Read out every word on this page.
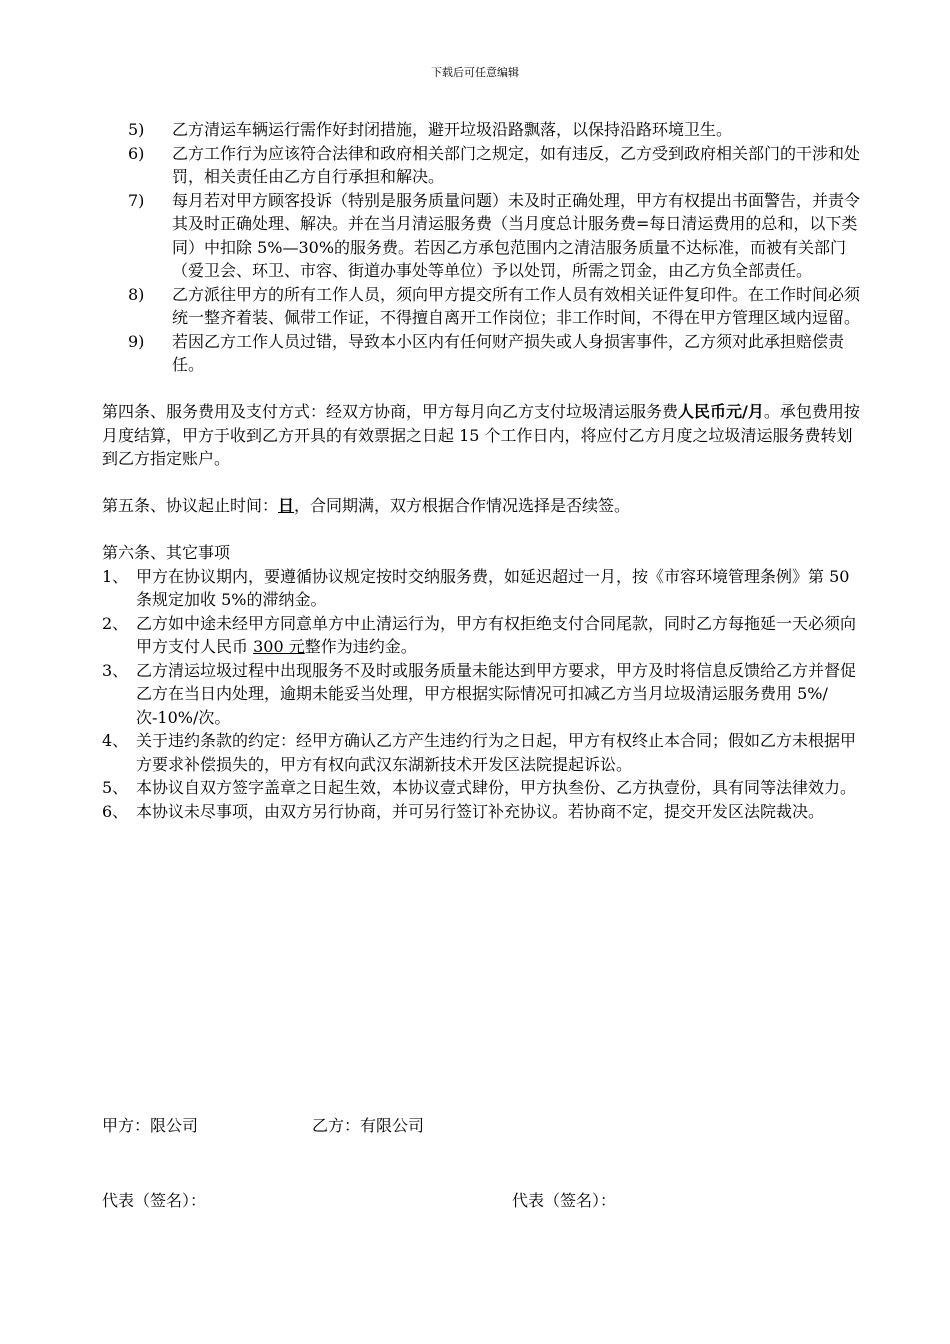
下载后可任意编辑
5)	乙方清运车辆运行需作好封闭措施，避开垃圾沿路飘落，以保持沿路环境卫生。
6)	乙方工作行为应该符合法律和政府相关部门之规定，如有违反，乙方受到政府相关部门的干涉和处罚，相关责任由乙方自行承担和解决。
7)	每月若对甲方顾客投诉（特别是服务质量问题）未及时正确处理，甲方有权提出书面警告，并责令其及时正确处理、解决。并在当月清运服务费（当月度总计服务费=每日清运费用的总和，以下类同）中扣除 5%—30%的服务费。若因乙方承包范围内之清洁服务质量不达标准，而被有关部门（爱卫会、环卫、市容、街道办事处等单位）予以处罚，所需之罚金，由乙方负全部责任。
8)	乙方派往甲方的所有工作人员，须向甲方提交所有工作人员有效相关证件复印件。在工作时间必须统一整齐着装、佩带工作证，不得擅自离开工作岗位；非工作时间，不得在甲方管理区域内逗留。
9)	若因乙方工作人员过错，导致本小区内有任何财产损失或人身损害事件，乙方须对此承担赔偿责任。

第四条、服务费用及支付方式：经双方协商，甲方每月向乙方支付垃圾清运服务费人民币元/月。承包费用按月度结算，甲方于收到乙方开具的有效票据之日起 15 个工作日内，将应付乙方月度之垃圾清运服务费转划到乙方指定账户。

第五条、协议起止时间：日，合同期满，双方根据合作情况选择是否续签。

第六条、其它事项

1、 甲方在协议期内，要遵循协议规定按时交纳服务费，如延迟超过一月，按《市容环境管理条例》第 50 条规定加收 5%的滞纳金。
2、 乙方如中途未经甲方同意单方中止清运行为，甲方有权拒绝支付合同尾款，同时乙方每拖延一天必须向甲方支付人民币 300 元整作为违约金。
3、 乙方清运垃圾过程中出现服务不及时或服务质量未能达到甲方要求，甲方及时将信息反馈给乙方并督促乙方在当日内处理，逾期未能妥当处理，甲方根据实际情况可扣减乙方当月垃圾清运服务费用 5%/次-10%/次。
4、 关于违约条款的约定：经甲方确认乙方产生违约行为之日起，甲方有权终止本合同；假如乙方未根据甲方要求补偿损失的，甲方有权向武汉东湖新技术开发区法院提起诉讼。
5、 本协议自双方签字盖章之日起生效，本协议壹式肆份，甲方执叁份、乙方执壹份，具有同等法律效力。
6、 本协议未尽事项，由双方另行协商，并可另行签订补充协议。若协商不定，提交开发区法院裁决。
甲方：限公司	乙方：有限公司
代表（签名）：	代表（签名）：
